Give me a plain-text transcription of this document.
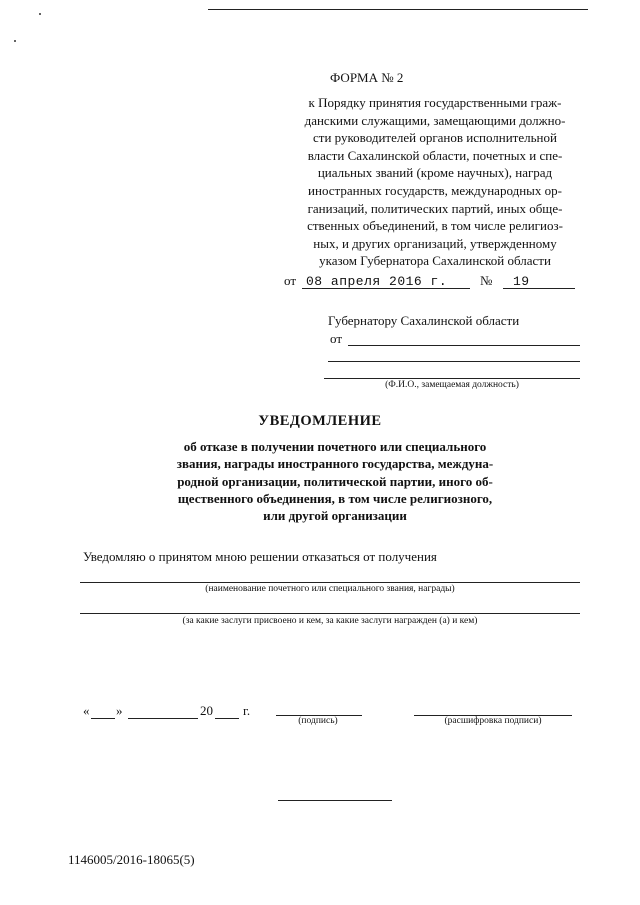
ФОРМА № 2
к Порядку принятия государственными граж-
данскими служащими, замещающими должно-
сти руководителей органов исполнительной
власти Сахалинской области, почетных и спе-
циальных званий (кроме научных), наград
иностранных государств, международных ор-
ганизаций, политических партий, иных обще-
ственных объединений, в том числе религиоз-
ных, и других организаций, утвержденному
указом Губернатора Сахалинской области
от 08 апреля 2016 г.	№ 19
Губернатору Сахалинской области
от
(Ф.И.О., замещаемая должность)
УВЕДОМЛЕНИЕ
об отказе в получении почетного или специального
звания, награды иностранного государства, междуна-
родной организации, политической партии, иного об-
щественного объединения, в том числе религиозного,
или другой организации
Уведомляю о принятом мною решении отказаться от получения
(наименование почетного или специального звания, награды)
(за какие заслуги присвоено и кем, за какие заслуги награжден (а) и кем)
« »	20 г.
(подпись)	(расшифровка подписи)
1146005/2016-18065(5)
